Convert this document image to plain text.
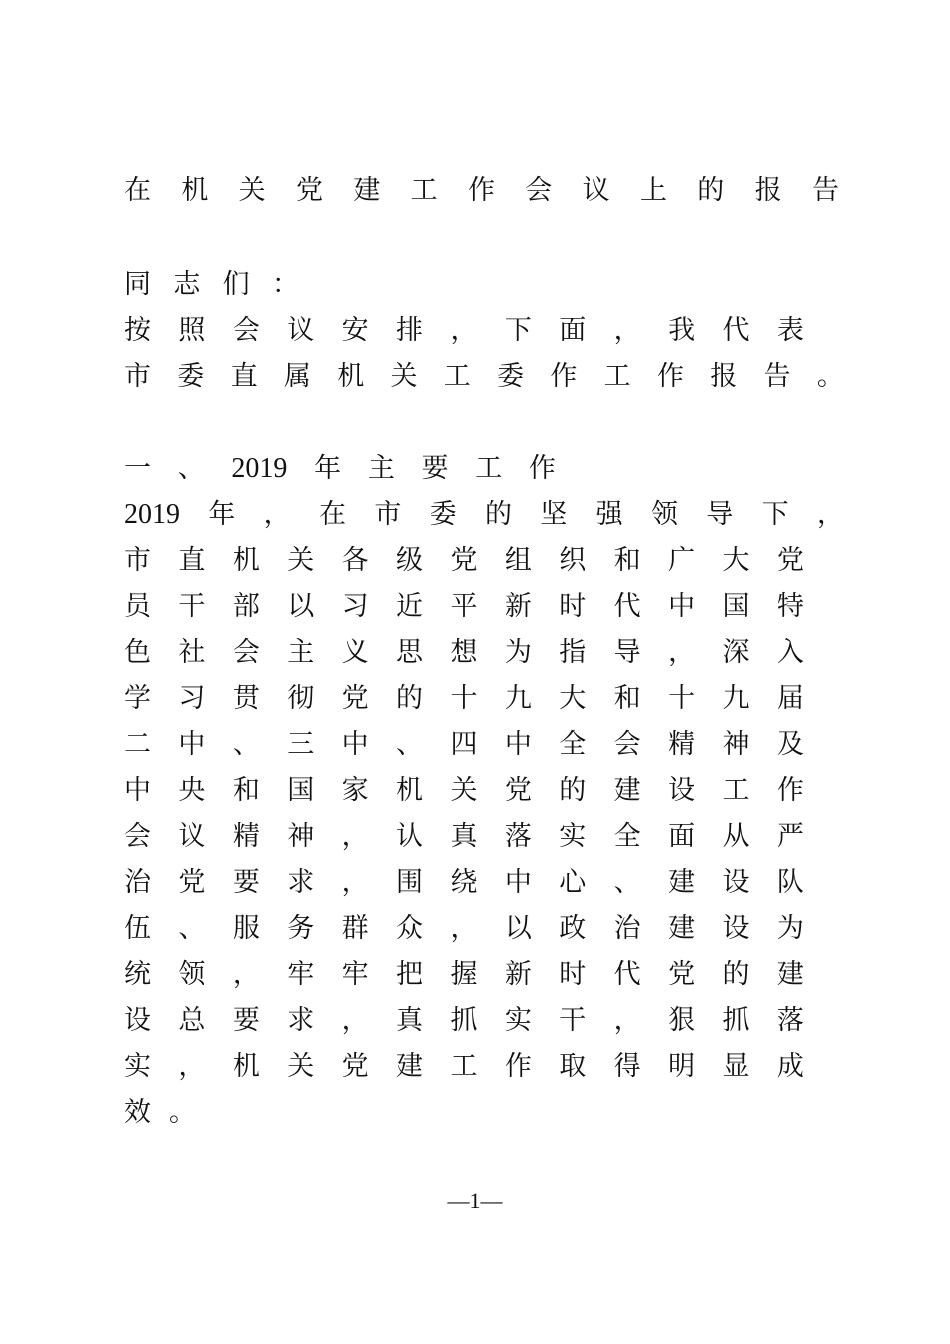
在 机 关 党 建 工 作 会 议 上 的 报 告
同 志 们 ：
按 照 会 议 安 排 ， 下 面 ， 我 代 表
市 委 直 属 机 关 工 委 作 工 作 报 告 。
一 、 2019 年 主 要 工 作
2019 年 ， 在 市 委 的 坚 强 领 导 下 ，
市 直 机 关 各 级 党 组 织 和 广 大 党
员 干 部 以 习 近 平 新 时 代 中 国 特
色 社 会 主 义 思 想 为 指 导 ， 深 入
学 习 贯 彻 党 的 十 九 大 和 十 九 届
二 中 、 三 中 、 四 中 全 会 精 神 及
中 央 和 国 家 机 关 党 的 建 设 工 作
会 议 精 神 ， 认 真 落 实 全 面 从 严
治 党 要 求 ， 围 绕 中 心 、 建 设 队
伍 、 服 务 群 众 ， 以 政 治 建 设 为
统 领 ， 牢 牢 把 握 新 时 代 党 的 建
设 总 要 求 ， 真 抓 实 干 ， 狠 抓 落
实 ， 机 关 党 建 工 作 取 得 明 显 成
效 。
—1—
